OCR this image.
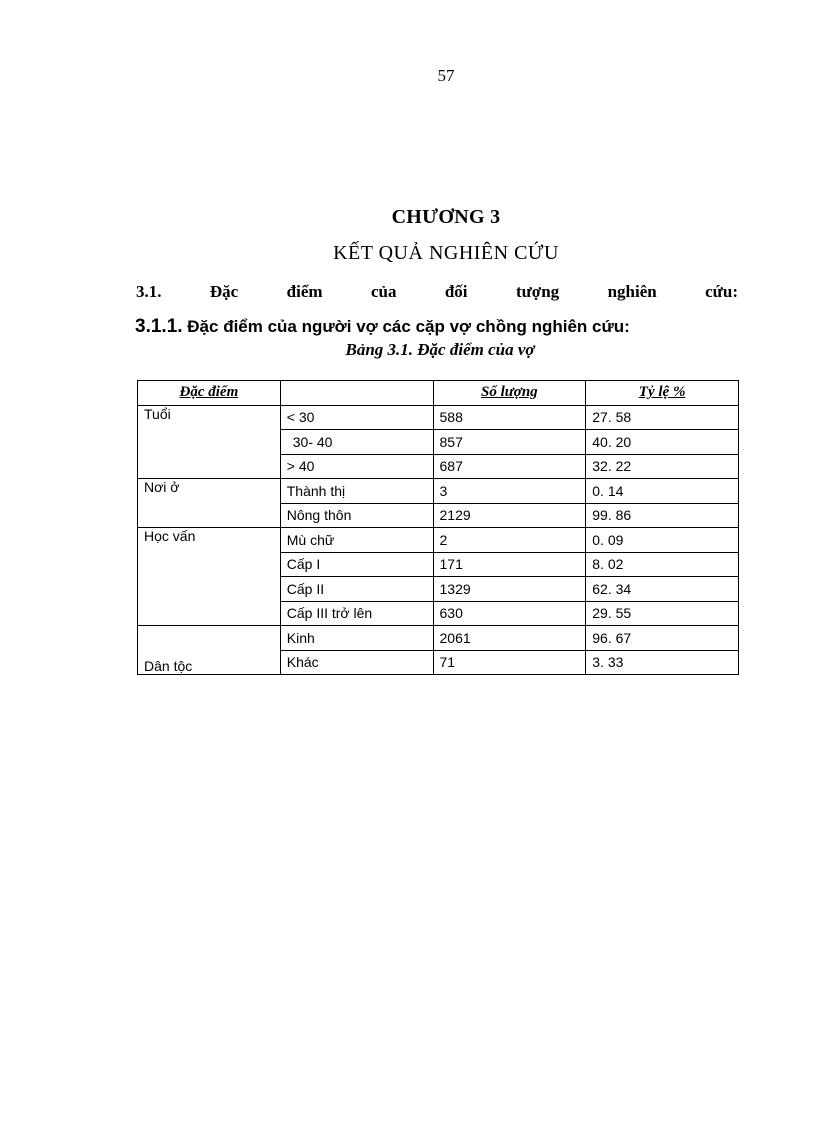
57
CHƯƠNG 3
KẾT QUẢ NGHIÊN CỨU
3.1.	Đặc	điểm	của	đối	tượng	nghiên	cứu:
3.1.1. Đặc điểm của người vợ các cặp vợ chồng nghiên cứu:
Bảng 3.1. Đặc điểm của vợ
Đặc điểm		Số lượng	Tỷ lệ %
Tuổi	< 30	588	27. 58
	30- 40	857	40. 20
	> 40	687	32. 22
Nơi ở	Thành thị	3	0. 14
	Nông thôn	2129	99. 86
Học vấn	Mù chữ	2	0. 09
	Cấp I	171	8. 02
	Cấp II	1329	62. 34
	Cấp III trở lên	630	29. 55
Dân tộc	Kinh	2061	96. 67
	Khác	71	3. 33
